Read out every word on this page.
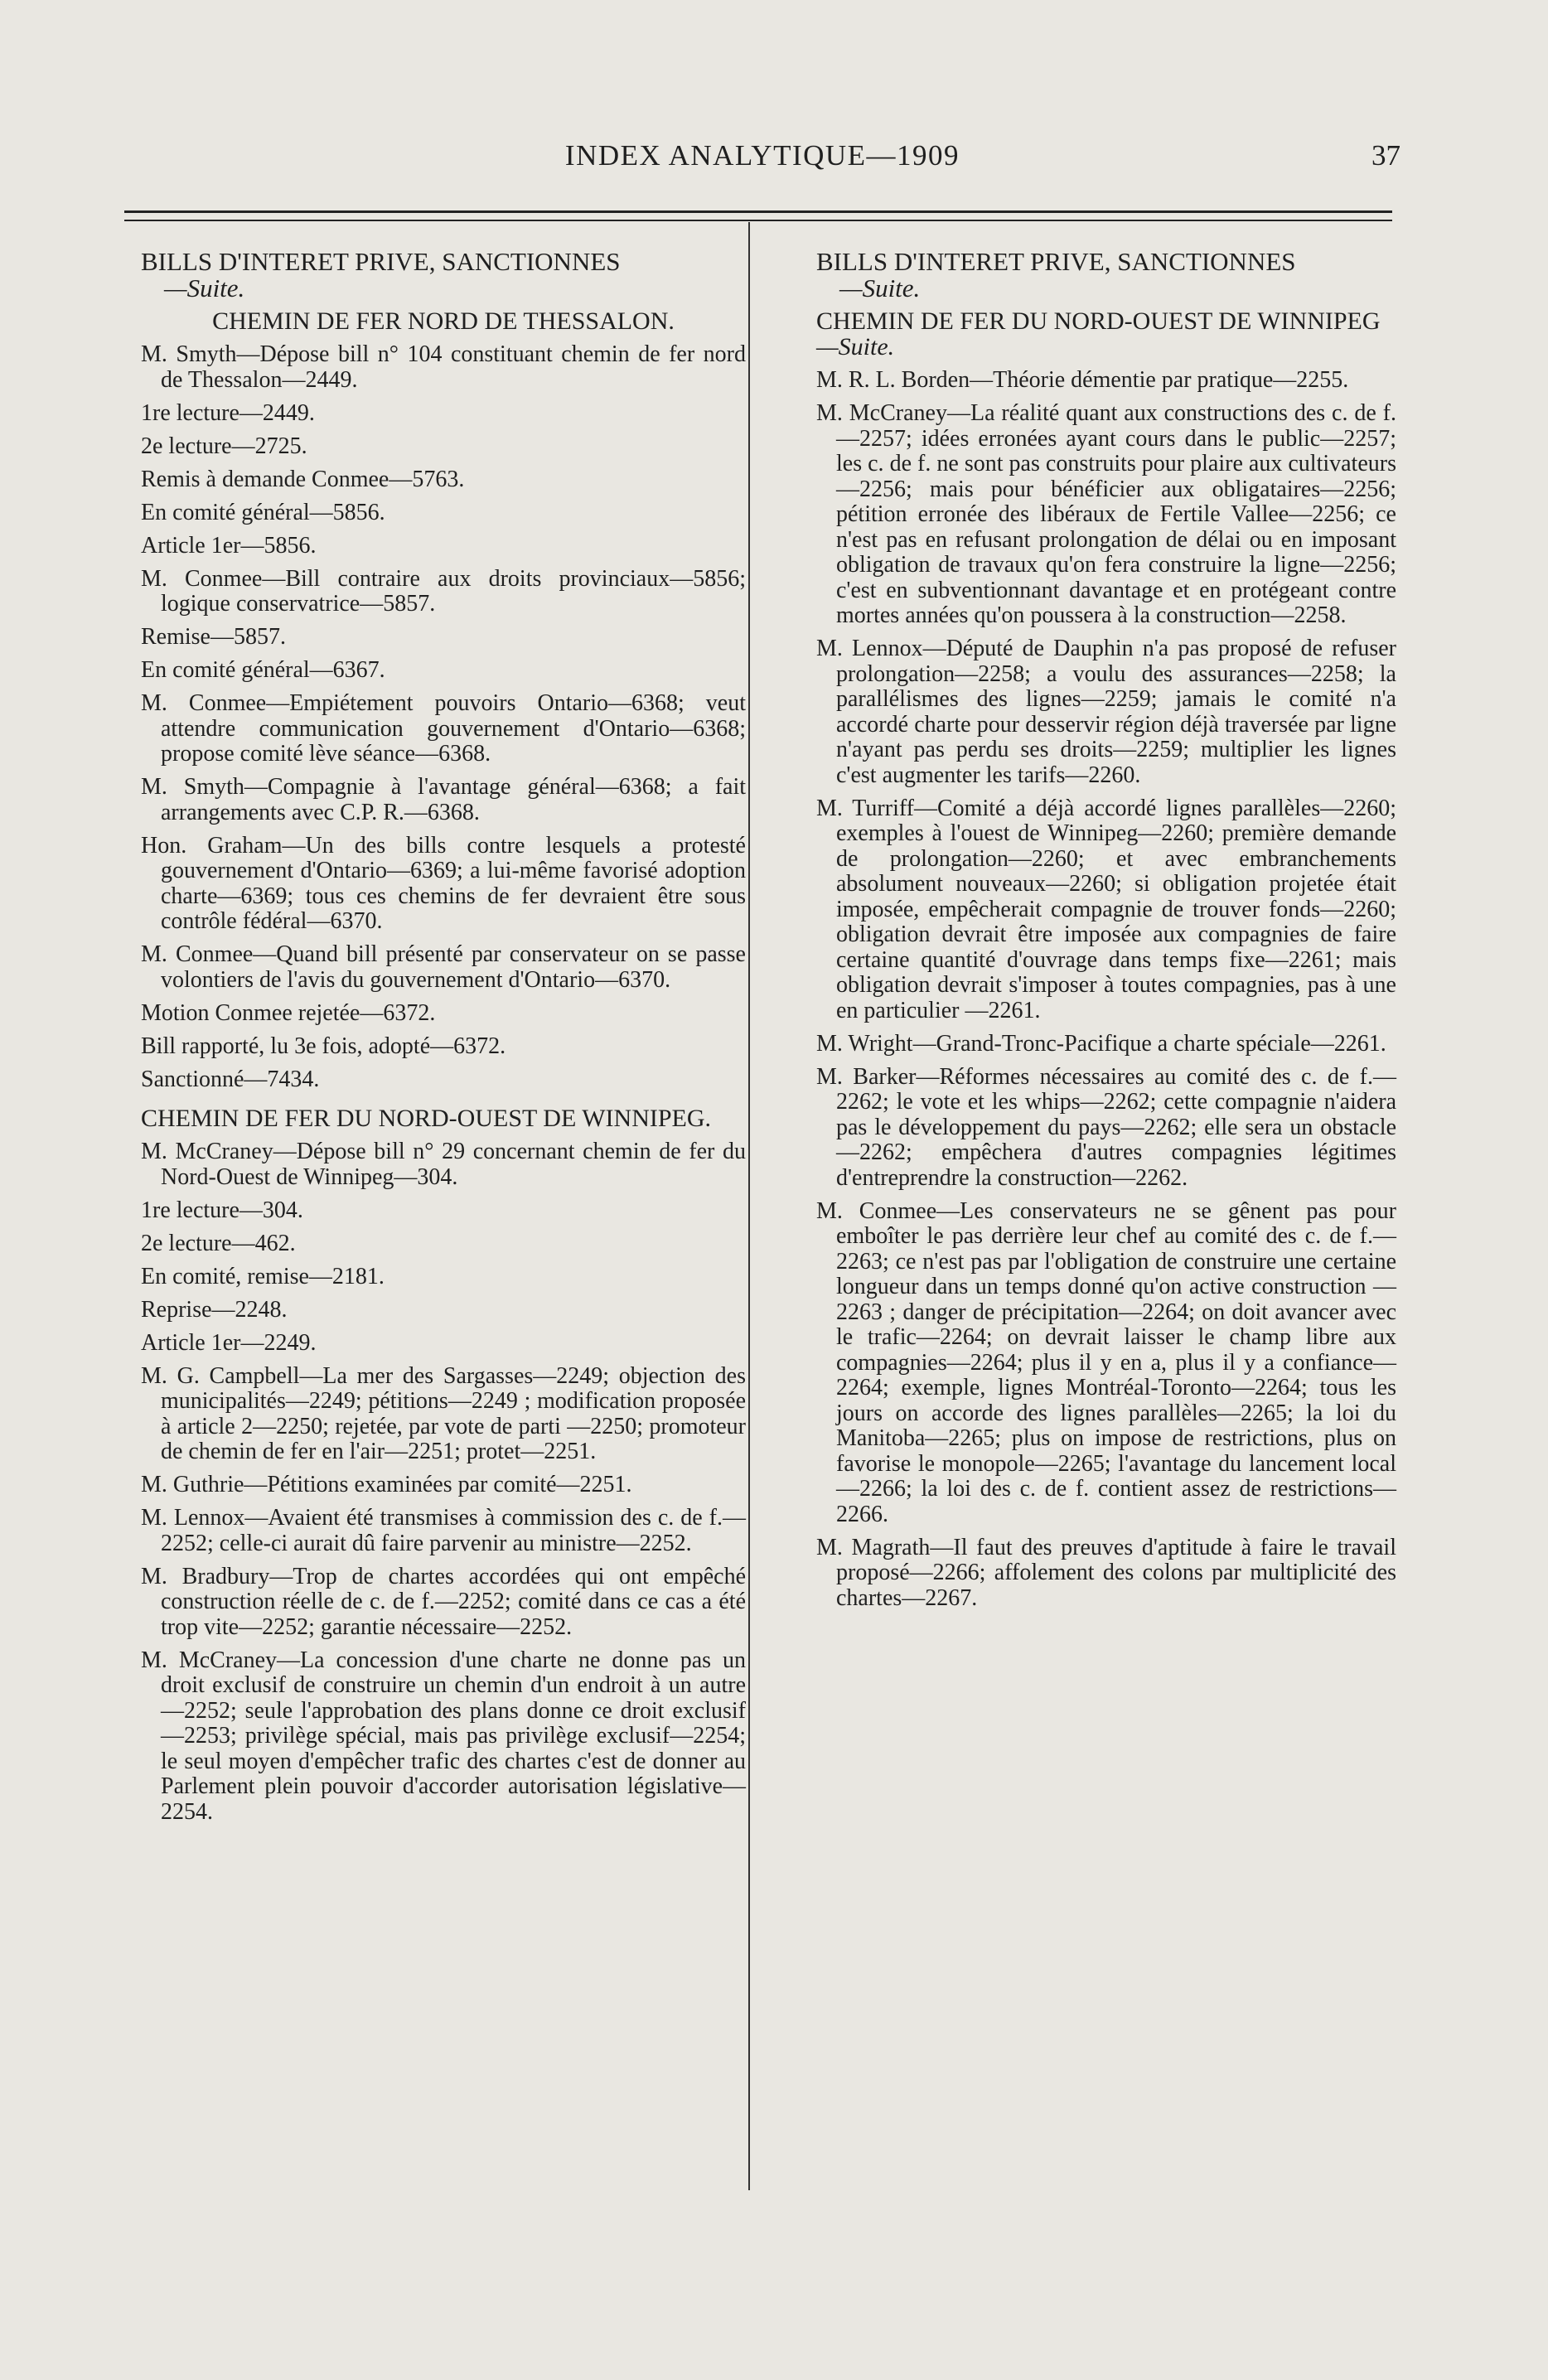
INDEX ANALYTIQUE—1909	37
BILLS D'INTERET PRIVE, SANCTIONNES
—Suite.
CHEMIN DE FER NORD DE THESSALON.

M. Smyth—Dépose bill n° 104 constituant chemin de fer nord de Thessalon—2449.

1re lecture—2449.

2e lecture—2725.

Remis à demande Conmee—5763.

En comité général—5856.

Article 1er—5856.

M. Conmee—Bill contraire aux droits provinciaux—5856; logique conservatrice—5857.

Remise—5857.

En comité général—6367.

M. Conmee—Empiétement pouvoirs Ontario—6368; veut attendre communication gouvernement d'Ontario—6368; propose comité lève séance—6368.

M. Smyth—Compagnie à l'avantage général—6368; a fait arrangements avec C.P. R.—6368.

Hon. Graham—Un des bills contre lesquels a protesté gouvernement d'Ontario—6369; a lui-même favorisé adoption charte—6369; tous ces chemins de fer devraient être sous contrôle fédéral—6370.

M. Conmee—Quand bill présenté par conservateur on se passe volontiers de l'avis du gouvernement d'Ontario—6370.

Motion Conmee rejetée—6372.

Bill rapporté, lu 3e fois, adopté—6372.

Sanctionné—7434.

CHEMIN DE FER DU NORD-OUEST DE WINNIPEG.

M. McCraney—Dépose bill n° 29 concernant chemin de fer du Nord-Ouest de Winnipeg—304.

1re lecture—304.

2e lecture—462.

En comité, remise—2181.

Reprise—2248.

Article 1er—2249.

M. G. Campbell—La mer des Sargasses—2249; objection des municipalités—2249; pétitions—2249 ; modification proposée à article 2—2250; rejetée, par vote de parti —2250; promoteur de chemin de fer en l'air—2251; protet—2251.

M. Guthrie—Pétitions examinées par comité—2251.

M. Lennox—Avaient été transmises à commission des c. de f.—2252; celle-ci aurait dû faire parvenir au ministre—2252.

M. Bradbury—Trop de chartes accordées qui ont empêché construction réelle de c. de f.—2252; comité dans ce cas a été trop vite—2252; garantie nécessaire—2252.

M. McCraney—La concession d'une charte ne donne pas un droit exclusif de construire un chemin d'un endroit à un autre —2252; seule l'approbation des plans donne ce droit exclusif—2253; privilège spécial, mais pas privilège exclusif—2254; le seul moyen d'empêcher trafic des chartes c'est de donner au Parlement plein pouvoir d'accorder autorisation législative—2254.

BILLS D'INTERET PRIVE, SANCTIONNES
—Suite.
CHEMIN DE FER DU NORD-OUEST DE WINNIPEG—Suite.

M. R. L. Borden—Théorie démentie par pratique—2255.

M. McCraney—La réalité quant aux constructions des c. de f.—2257; idées erronées ayant cours dans le public—2257; les c. de f. ne sont pas construits pour plaire aux cultivateurs—2256; mais pour bénéficier aux obligataires—2256; pétition erronée des libéraux de Fertile Vallee—2256; ce n'est pas en refusant prolongation de délai ou en imposant obligation de travaux qu'on fera construire la ligne—2256; c'est en subventionnant davantage et en protégeant contre mortes années qu'on poussera à la construction—2258.

M. Lennox—Député de Dauphin n'a pas proposé de refuser prolongation—2258; a voulu des assurances—2258; la parallélismes des lignes—2259; jamais le comité n'a accordé charte pour desservir région déjà traversée par ligne n'ayant pas perdu ses droits—2259; multiplier les lignes c'est augmenter les tarifs—2260.

M. Turriff—Comité a déjà accordé lignes parallèles—2260; exemples à l'ouest de Winnipeg—2260; première demande de prolongation—2260; et avec embranchements absolument nouveaux—2260; si obligation projetée était imposée, empêcherait compagnie de trouver fonds—2260; obligation devrait être imposée aux compagnies de faire certaine quantité d'ouvrage dans temps fixe—2261; mais obligation devrait s'imposer à toutes compagnies, pas à une en particulier —2261.

M. Wright—Grand-Tronc-Pacifique a charte spéciale—2261.

M. Barker—Réformes nécessaires au comité des c. de f.—2262; le vote et les whips—2262; cette compagnie n'aidera pas le développement du pays—2262; elle sera un obstacle—2262; empêchera d'autres compagnies légitimes d'entreprendre la construction—2262.

M. Conmee—Les conservateurs ne se gênent pas pour emboîter le pas derrière leur chef au comité des c. de f.—2263; ce n'est pas par l'obligation de construire une certaine longueur dans un temps donné qu'on active construction —2263 ; danger de précipitation—2264; on doit avancer avec le trafic—2264; on devrait laisser le champ libre aux compagnies—2264; plus il y en a, plus il y a confiance—2264; exemple, lignes Montréal-Toronto—2264; tous les jours on accorde des lignes parallèles—2265; la loi du Manitoba—2265; plus on impose de restrictions, plus on favorise le monopole—2265; l'avantage du lancement local—2266; la loi des c. de f. contient assez de restrictions—2266.

M. Magrath—Il faut des preuves d'aptitude à faire le travail proposé—2266; affolement des colons par multiplicité des chartes—2267.
